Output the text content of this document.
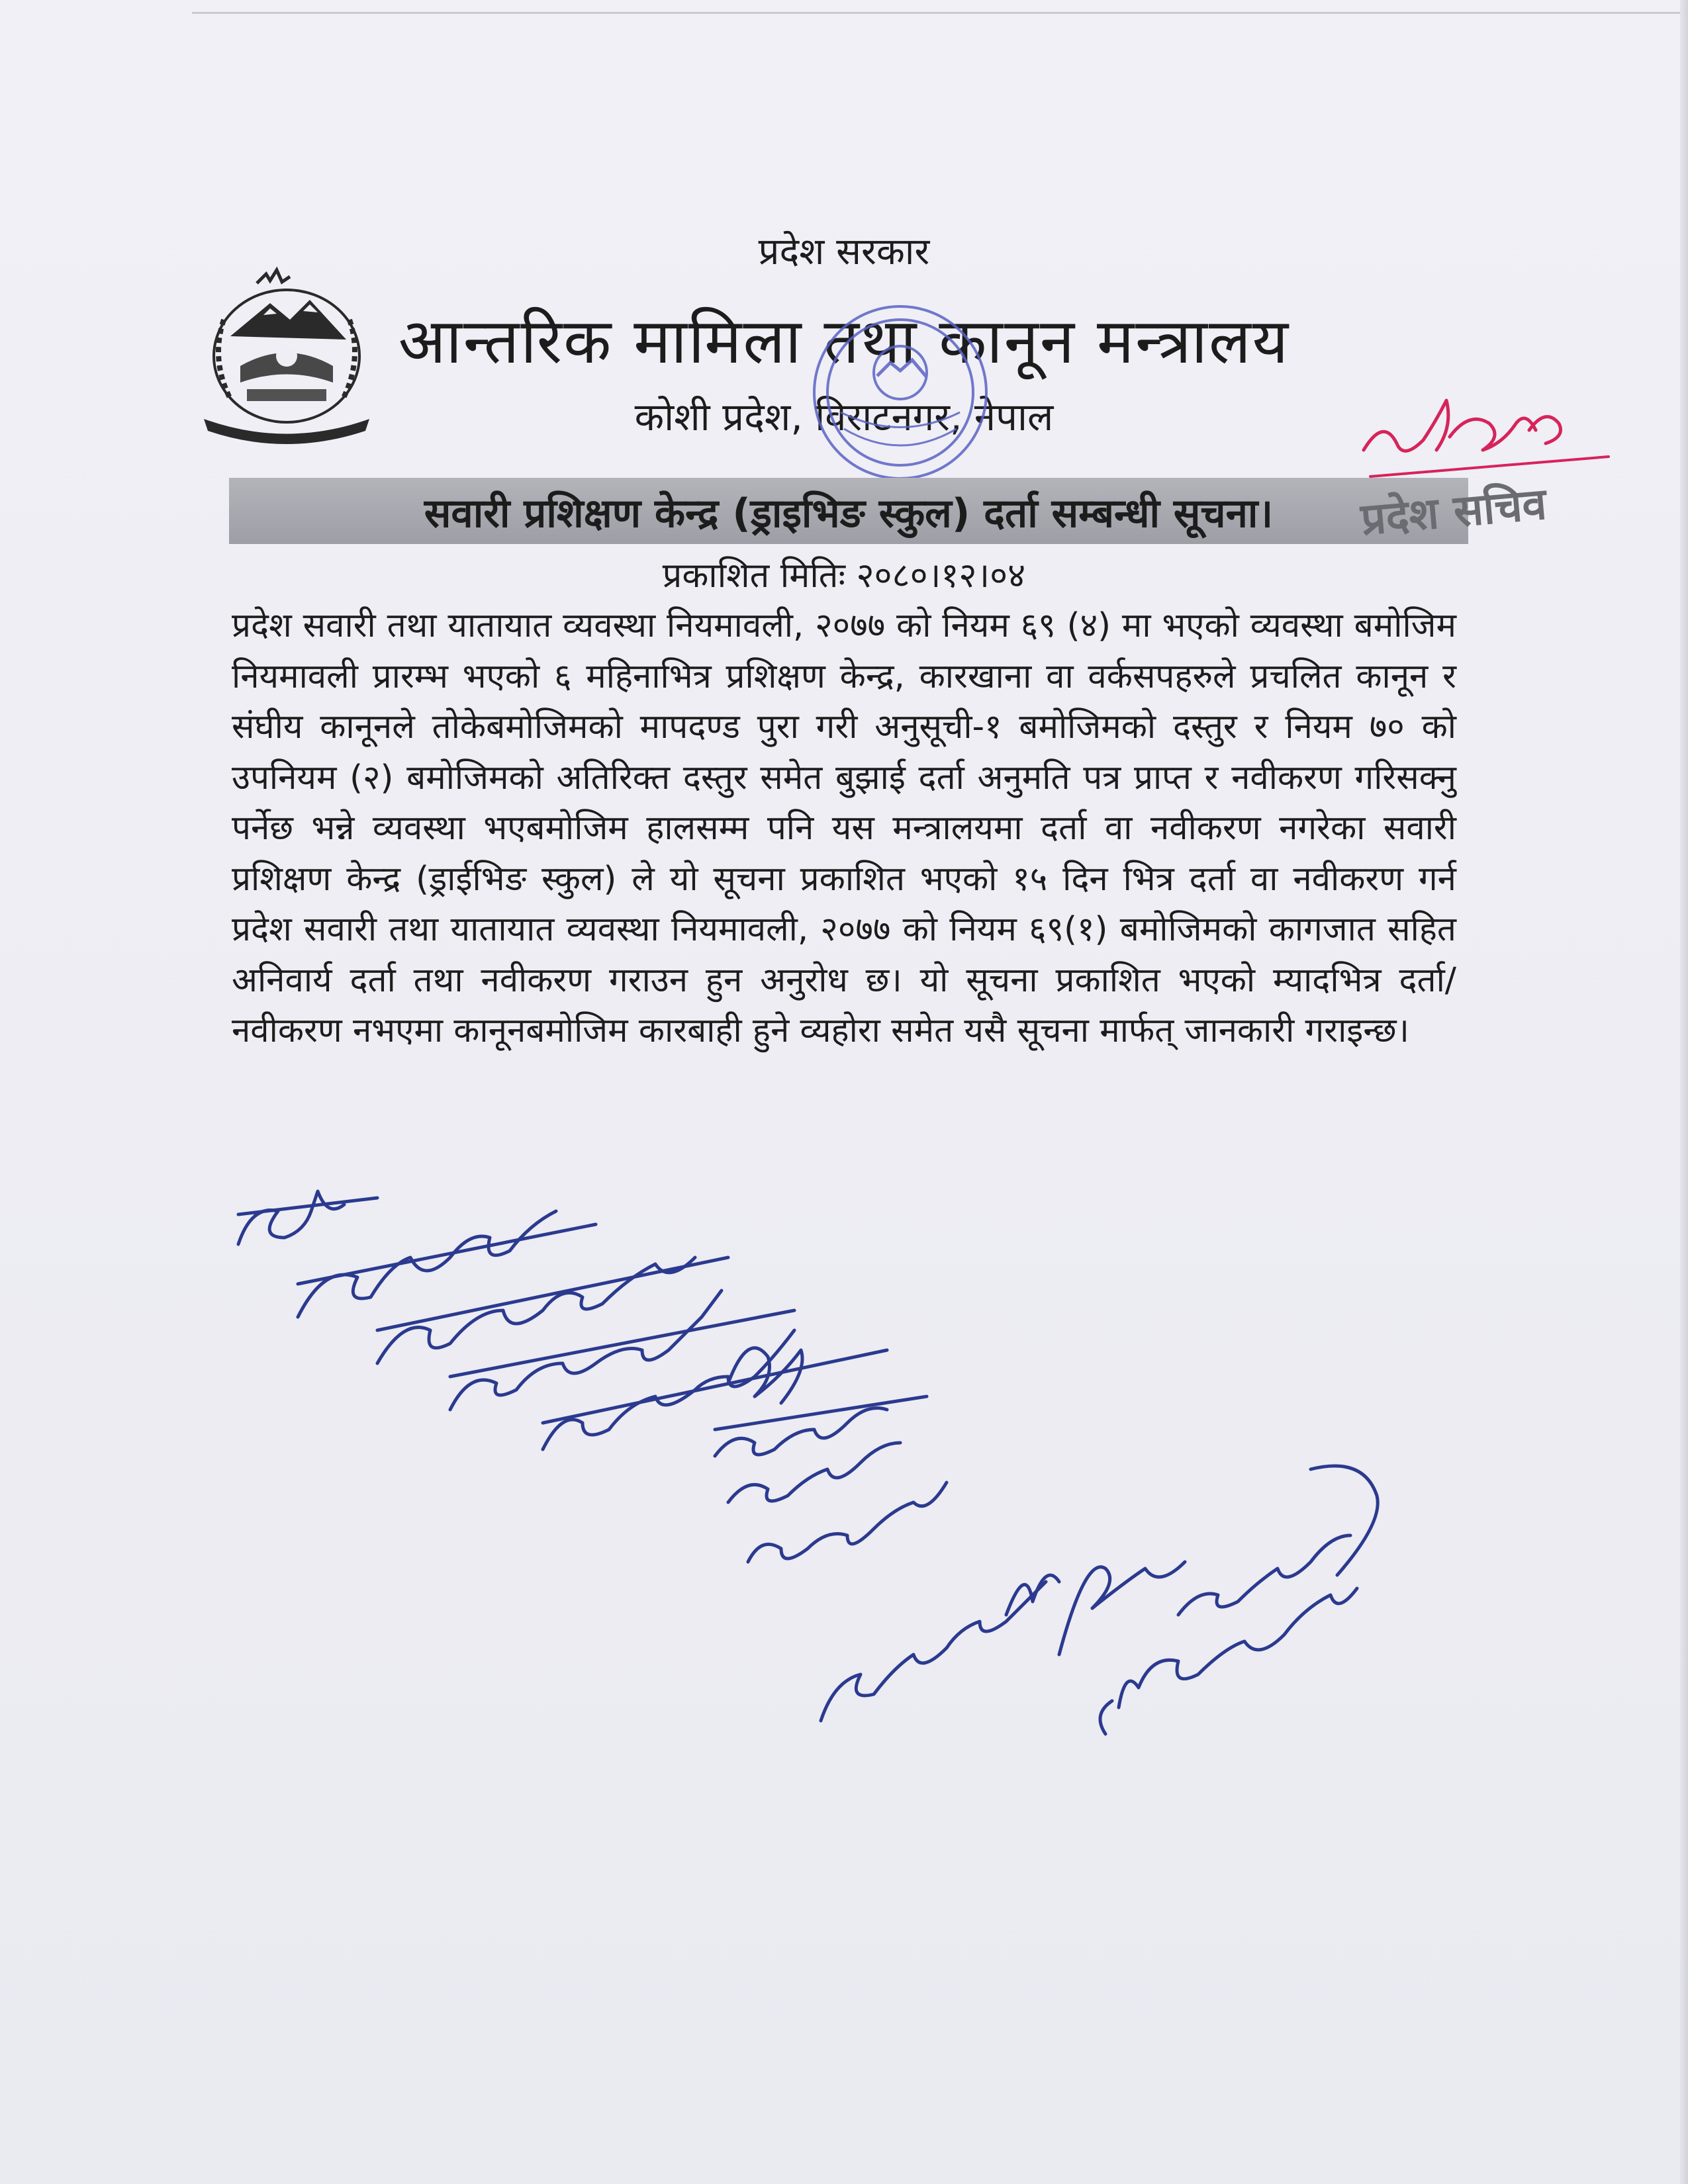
प्रदेश सरकार
आन्तरिक मामिला तथा कानून मन्त्रालय
कोशी प्रदेश, विराटनगर, नेपाल
सवारी प्रशिक्षण केन्द्र (ड्राइभिङ स्कुल) दर्ता सम्बन्धी सूचना।
प्रकाशित मितिः २०८०।१२।०४
प्रदेश सवारी तथा यातायात व्यवस्था नियमावली, २०७७ को नियम ६९ (४) मा भएको व्यवस्था बमोजिम नियमावली प्रारम्भ भएको ६ महिनाभित्र प्रशिक्षण केन्द्र, कारखाना वा वर्कसपहरुले प्रचलित कानून र संघीय कानूनले तोकेबमोजिमको मापदण्ड पुरा गरी अनुसूची-१ बमोजिमको दस्तुर र नियम ७० को उपनियम (२) बमोजिमको अतिरिक्त दस्तुर समेत बुझाई दर्ता अनुमति पत्र प्राप्त र नवीकरण गरिसक्नु पर्नेछ भन्ने व्यवस्था भएबमोजिम हालसम्म पनि यस मन्त्रालयमा दर्ता वा नवीकरण नगरेका सवारी प्रशिक्षण केन्द्र (ड्राईभिङ स्कुल) ले यो सूचना प्रकाशित भएको १५ दिन भित्र दर्ता वा नवीकरण गर्न प्रदेश सवारी तथा यातायात व्यवस्था नियमावली, २०७७ को नियम ६९(१) बमोजिमको कागजात सहित अनिवार्य दर्ता तथा नवीकरण गराउन हुन अनुरोध छ। यो सूचना प्रकाशित भएको म्यादभित्र दर्ता/नवीकरण नभएमा कानूनबमोजिम कारबाही हुने व्यहोरा समेत यसै सूचना मार्फत् जानकारी गराइन्छ।
प्रदेश सचिव
